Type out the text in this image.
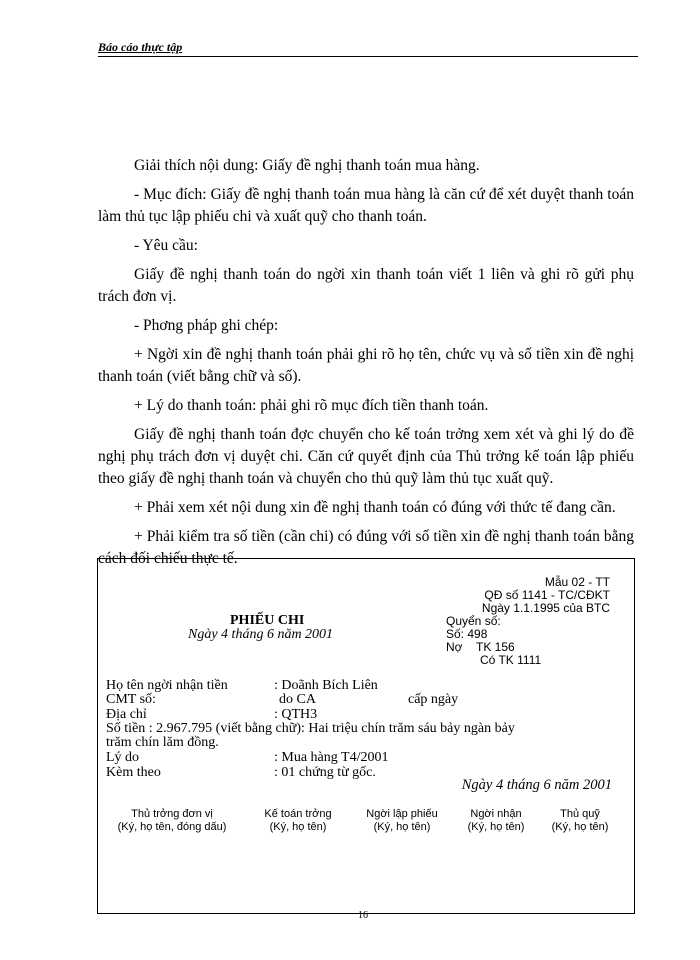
Báo cáo thực tập

Giải thích nội dung: Giấy đề nghị thanh toán mua hàng.

- Mục đích: Giấy đề nghị thanh toán mua hàng là căn cứ để xét duyệt thanh toán làm thủ tục lập phiếu chi và xuất quỹ cho thanh toán.

- Yêu cầu:

Giấy đề nghị thanh toán do ngời xin thanh toán viết 1 liên và ghi rõ gửi phụ trách đơn vị.

- Phơng pháp ghi chép:

+ Ngời xin đề nghị thanh toán phải ghi rõ họ tên, chức vụ và số tiền xin đề nghị thanh toán (viết bằng chữ và số).

+ Lý do thanh toán: phải ghi rõ mục đích tiền thanh toán.

Giấy đề nghị thanh toán đợc chuyển cho kế toán trởng xem xét và ghi lý do đề nghị phụ trách đơn vị duyệt chi. Căn cứ quyết định của Thủ trởng kế toán lập phiếu theo giấy đề nghị thanh toán và chuyển cho thủ quỹ làm thủ tục xuất quỹ.

+ Phải xem xét nội dung xin đề nghị thanh toán có đúng với thức tế đang cần.

+ Phải kiểm tra số tiền (cần chi) có đúng với số tiền xin đề nghị thanh toán bằng cách đối chiếu thực tế.

Mẫu 02 - TT
QĐ số 1141 - TC/CĐKT
Ngày 1.1.1995 của BTC
PHIẾU CHI
Ngày 4 tháng 6 năm 2001
Quyển số:
Số: 498
Nợ TK 156
Có TK 1111
Họ tên ngời nhận tiền	: Doãnh Bích Liên
CMT số:	do CA	cấp ngày
Địa chỉ	: QTH3
Số tiền : 2.967.795 (viết bằng chữ): Hai triệu chín trăm sáu bảy ngàn bảy
trăm chín lăm đồng.
Lý do	: Mua hàng T4/2001
Kèm theo	: 01 chứng từ gốc.
Ngày 4 tháng 6 năm 2001
Thủ trởng đơn vị
(Ký, họ tên, đóng dấu)
Kế toán trởng
(Ký, họ tên)
Ngời lập phiếu
(Ký, họ tên)
Ngời nhận
(Ký, họ tên)
Thủ quỹ
(Ký, họ tên)
16
